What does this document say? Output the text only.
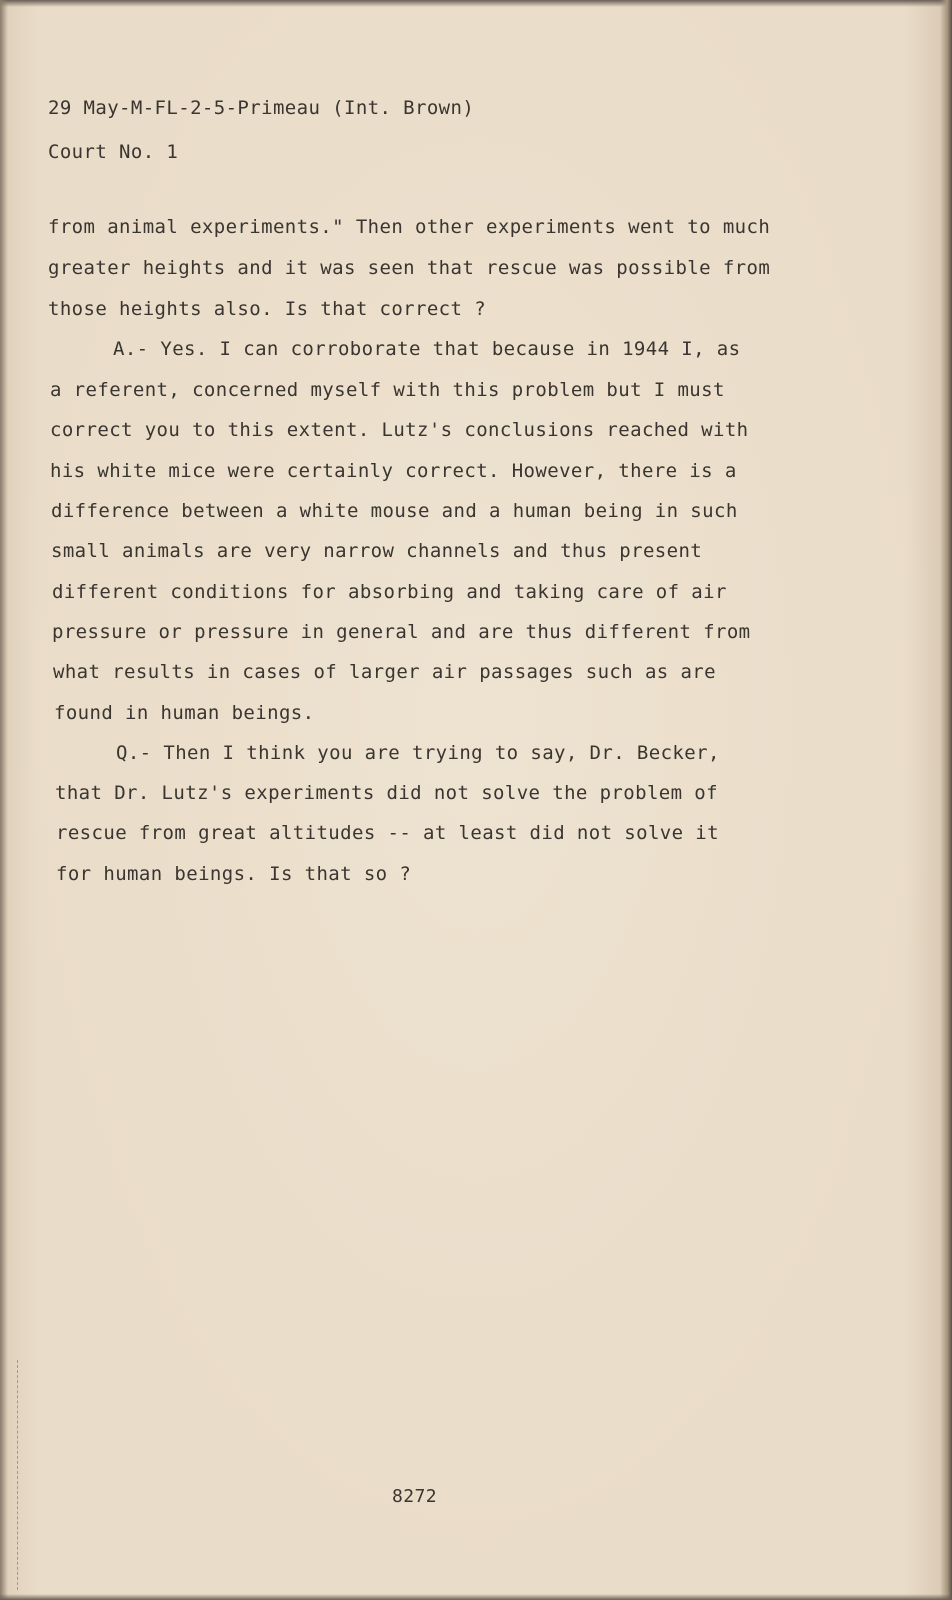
29 May-M-FL-2-5-Primeau (Int. Brown)
Court No. 1
from animal experiments." Then other experiments went to much
greater heights and it was seen that rescue was possible from
those heights also. Is that correct ?
A.- Yes. I can corroborate that because in 1944 I, as
a referent, concerned myself with this problem but I must
correct you to this extent. Lutz's conclusions reached with
his white mice were certainly correct. However, there is a
difference between a white mouse and a human being in such
small animals are very narrow channels and thus present
different conditions for absorbing and taking care of air
pressure or pressure in general and are thus different from
what results in cases of larger air passages such as are
found in human beings.
Q.- Then I think you are trying to say, Dr. Becker,
that Dr. Lutz's experiments did not solve the problem of
rescue from great altitudes -- at least did not solve it
for human beings. Is that so ?
8272
